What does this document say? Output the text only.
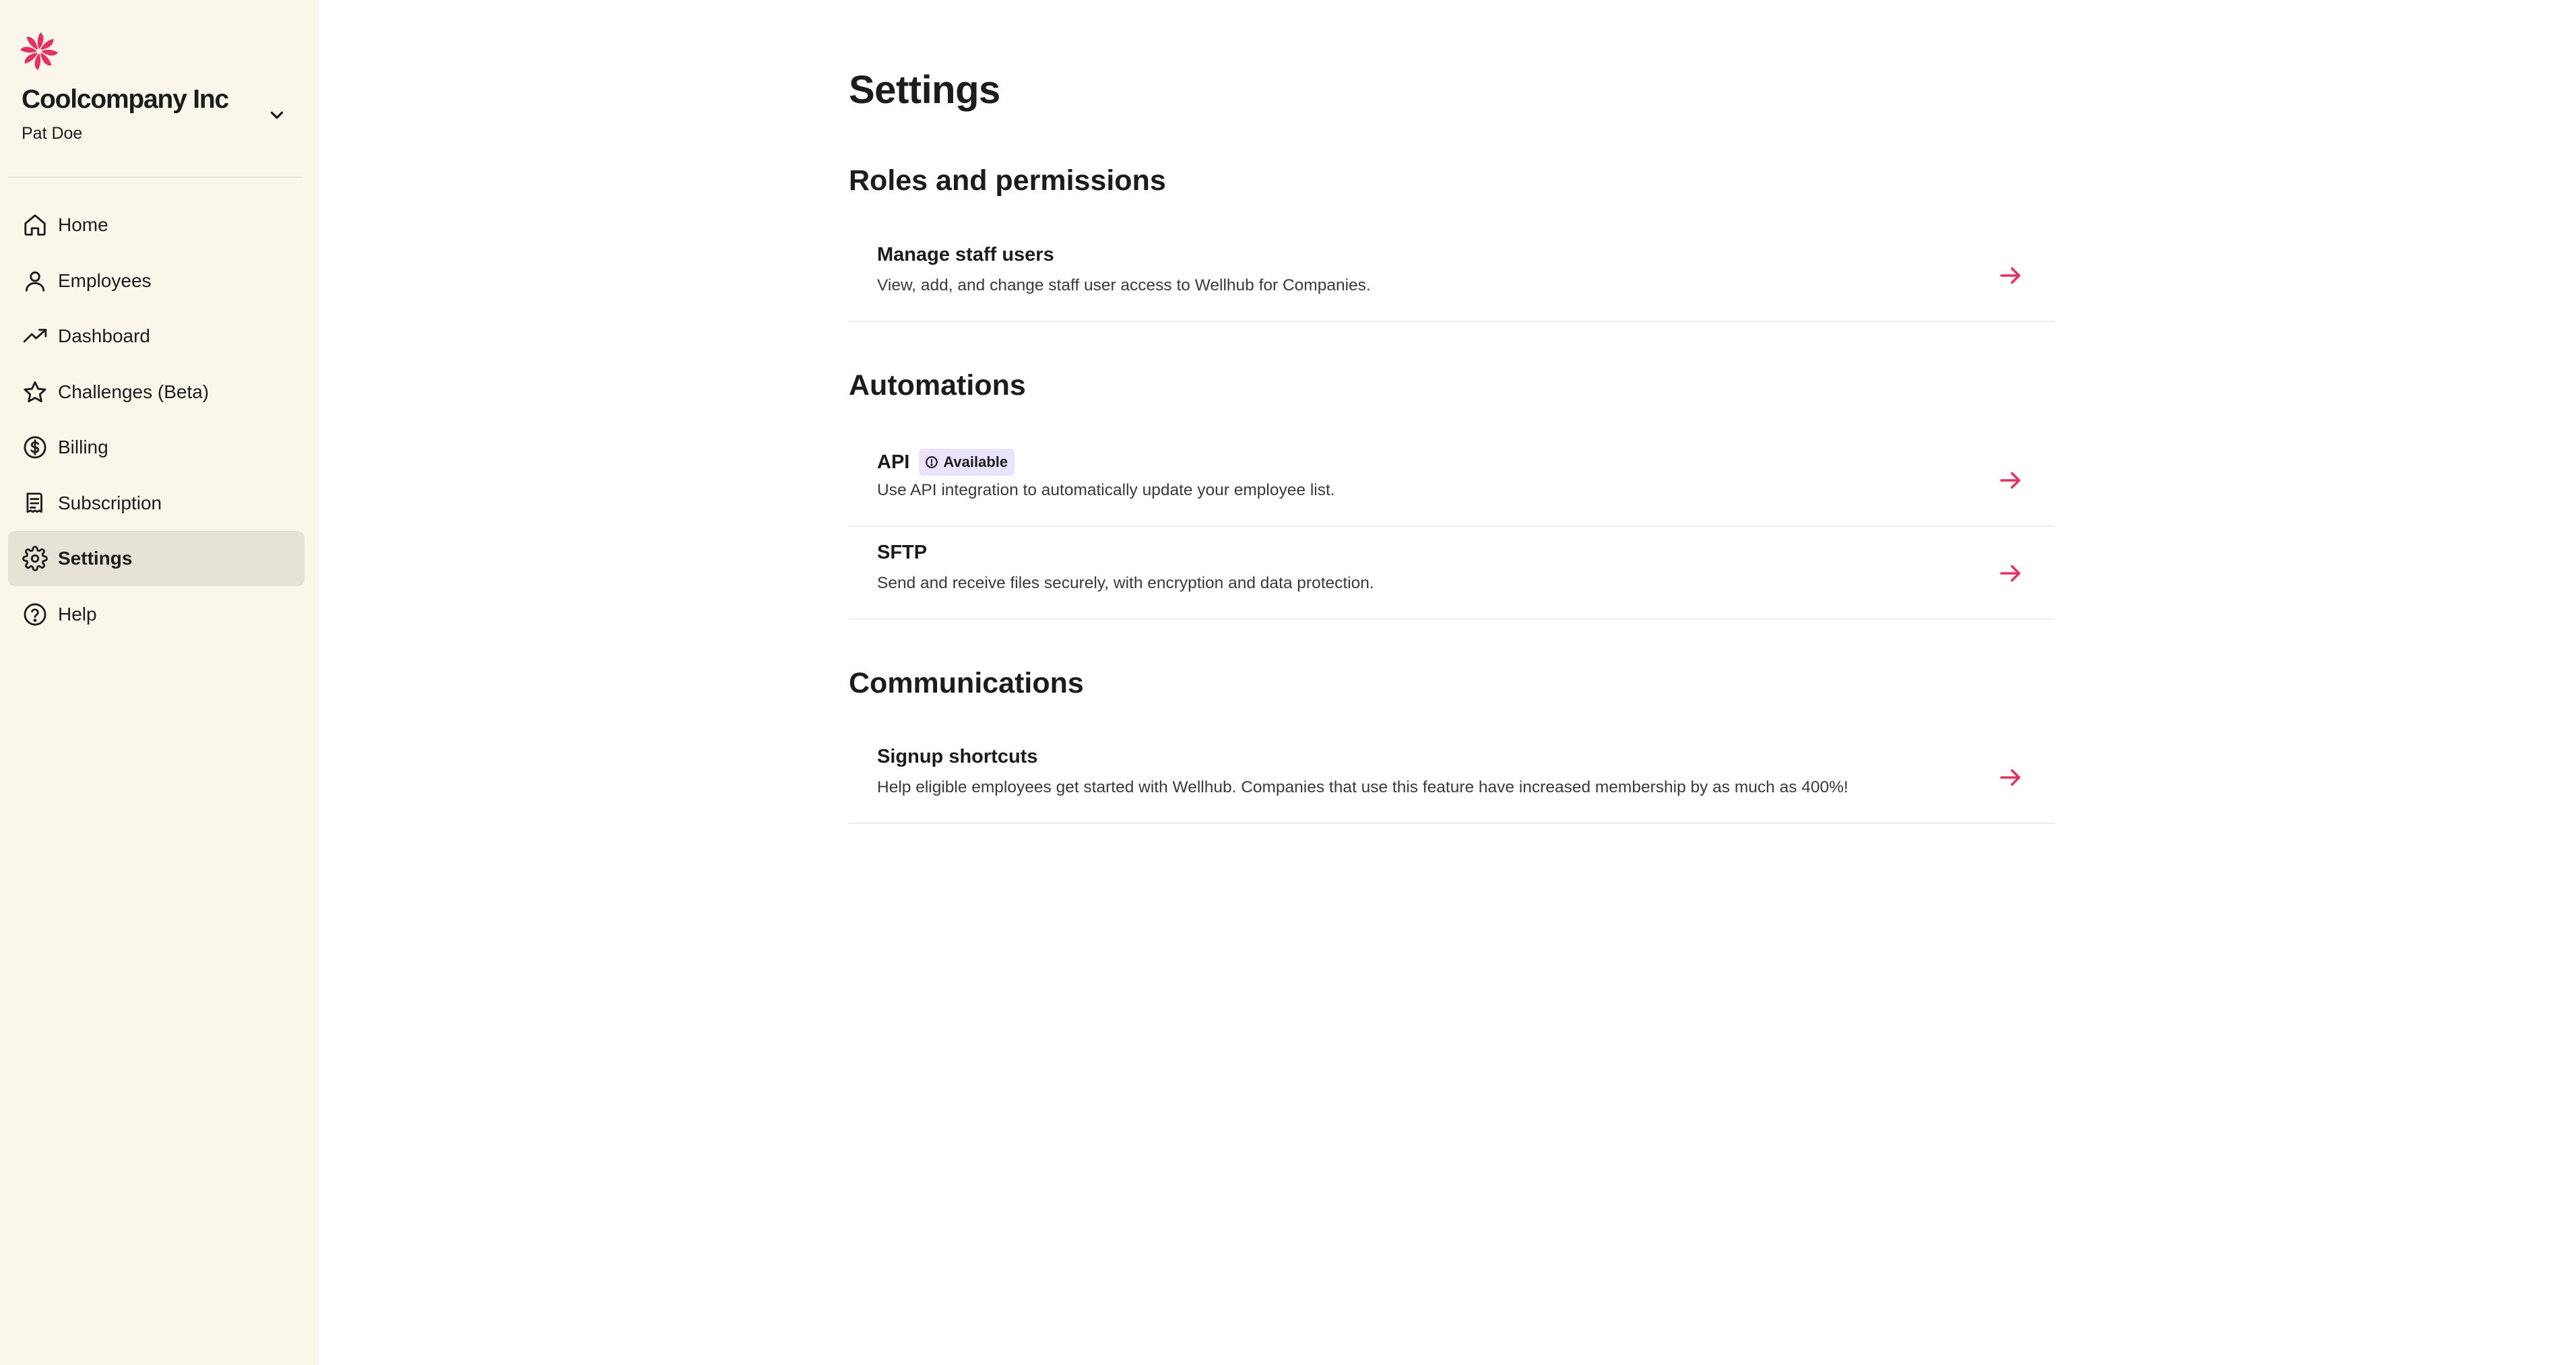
Coolcompany Inc
Pat Doe
Home
Employees
Dashboard
Challenges (Beta)
Billing
Subscription
Settings
Help
Settings
Roles and permissions
Manage staff users
View, add, and change staff user access to Wellhub for Companies.
Automations
API Available
Use API integration to automatically update your employee list.
SFTP
Send and receive files securely, with encryption and data protection.
Communications
Signup shortcuts
Help eligible employees get started with Wellhub. Companies that use this feature have increased membership by as much as 400%!
